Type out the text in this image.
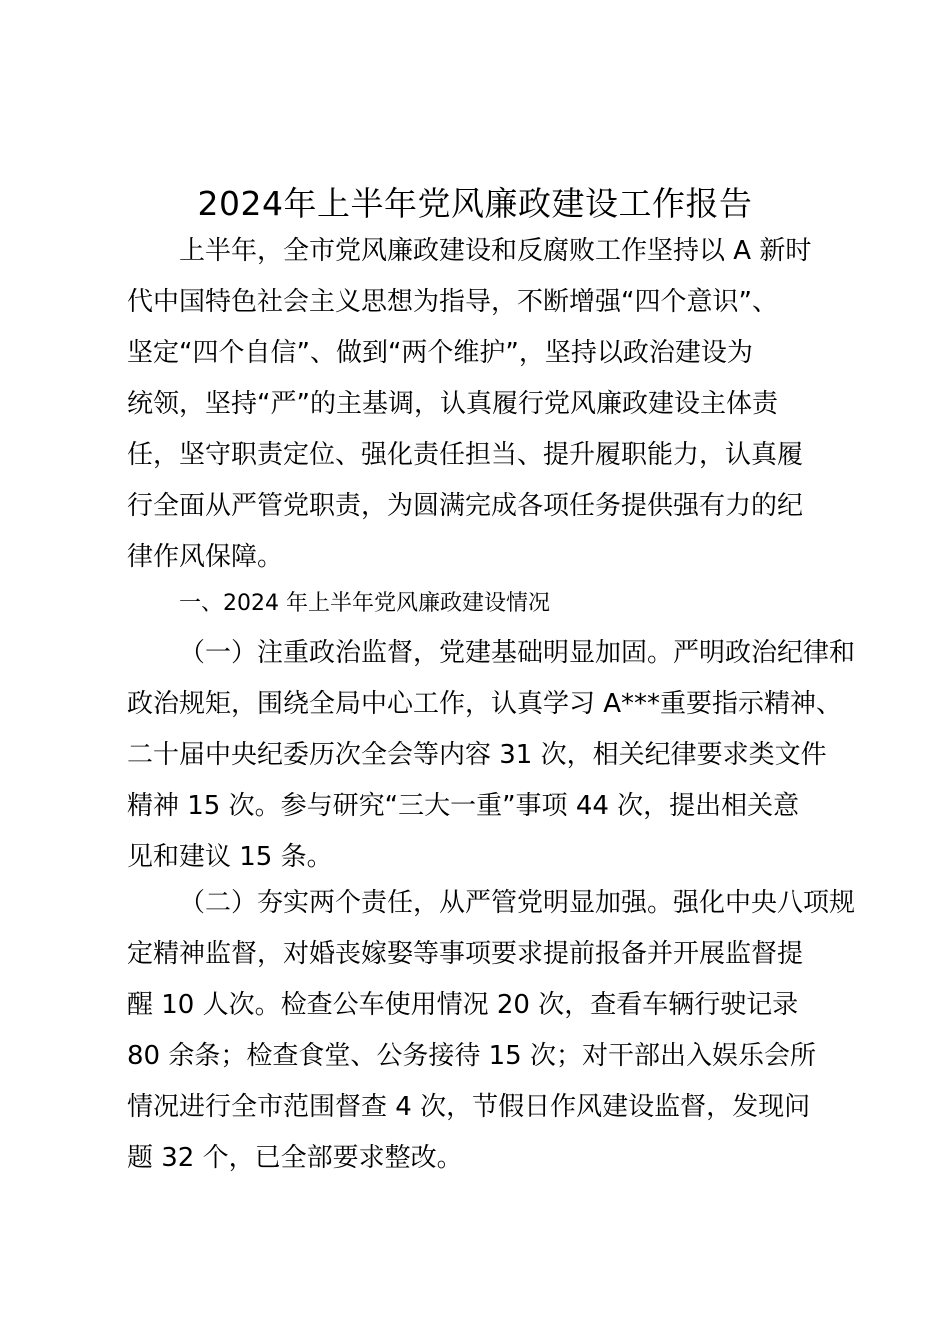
2024年上半年党风廉政建设工作报告
上半年，全市党风廉政建设和反腐败工作坚持以 A 新时
代中国特色社会主义思想为指导，不断增强“四个意识”、
坚定“四个自信”、做到“两个维护”，坚持以政治建设为
统领，坚持“严”的主基调，认真履行党风廉政建设主体责
任，坚守职责定位、强化责任担当、提升履职能力，认真履
行全面从严管党职责，为圆满完成各项任务提供强有力的纪
律作风保障。
一、2024 年上半年党风廉政建设情况
（一）注重政治监督，党建基础明显加固。严明政治纪律和
政治规矩，围绕全局中心工作，认真学习 A***重要指示精神、
二十届中央纪委历次全会等内容 31 次，相关纪律要求类文件
精神 15 次。参与研究“三大一重”事项 44 次，提出相关意
见和建议 15 条。
（二）夯实两个责任，从严管党明显加强。强化中央八项规
定精神监督，对婚丧嫁娶等事项要求提前报备并开展监督提
醒 10 人次。检查公车使用情况 20 次，查看车辆行驶记录
80 余条；检查食堂、公务接待 15 次；对干部出入娱乐会所
情况进行全市范围督查 4 次，节假日作风建设监督，发现问
题 32 个，已全部要求整改。
